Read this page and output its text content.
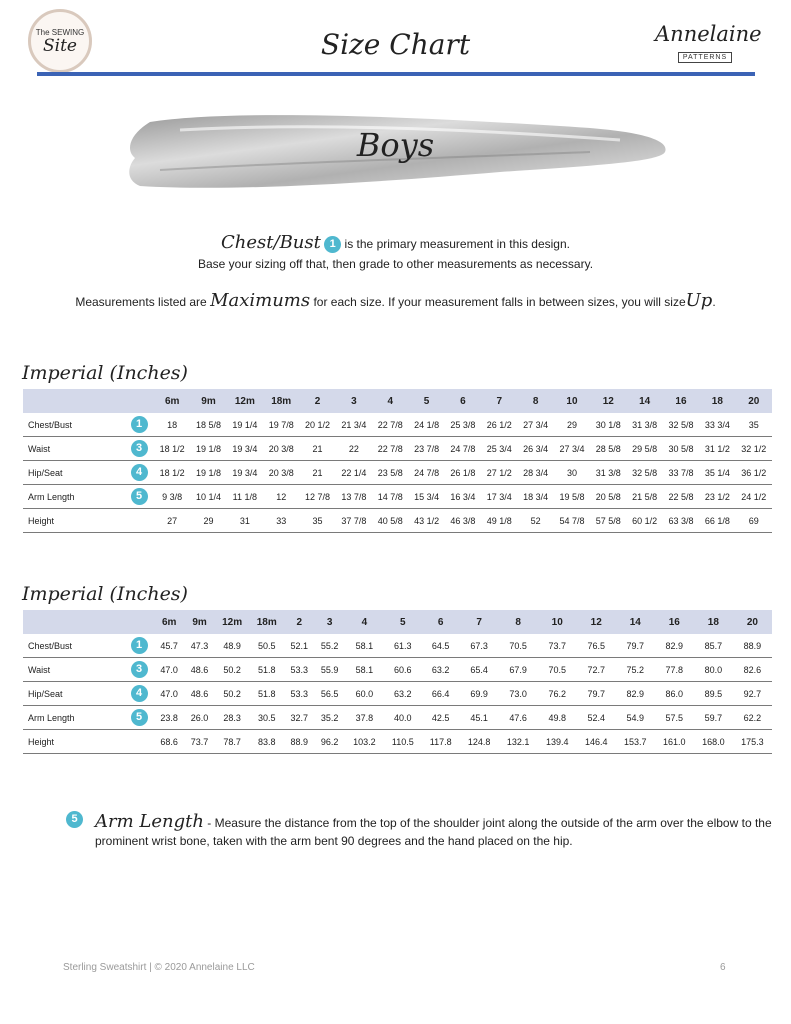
The SEWING
Site	Size Chart	Annelaine
PATTERNS
Boys
Chest/Bust 1 is the primary measurement in this design.
Base your sizing off that, then grade to other measurements as necessary.
Measurements listed are Maximums for each size. If your measurement falls in between sizes, you will sizeUp.
Imperial (Inches)
		6m	9m	12m	18m	2	3	4	5	6	7	8	10	12	14	16	18	20
Chest/Bust	1	18	18 5/8	19 1/4	19 7/8	20 1/2	21 3/4	22 7/8	24 1/8	25 3/8	26 1/2	27 3/4	29	30 1/8	31 3/8	32 5/8	33 3/4	35
Waist	3	18 1/2	19 1/8	19 3/4	20 3/8	21	22	22 7/8	23 7/8	24 7/8	25 3/4	26 3/4	27 3/4	28 5/8	29 5/8	30 5/8	31 1/2	32 1/2
Hip/Seat	4	18 1/2	19 1/8	19 3/4	20 3/8	21	22 1/4	23 5/8	24 7/8	26 1/8	27 1/2	28 3/4	30	31 3/8	32 5/8	33 7/8	35 1/4	36 1/2
Arm Length	5	9 3/8	10 1/4	11 1/8	12	12 7/8	13 7/8	14 7/8	15 3/4	16 3/4	17 3/4	18 3/4	19 5/8	20 5/8	21 5/8	22 5/8	23 1/2	24 1/2
Height		27	29	31	33	35	37 7/8	40 5/8	43 1/2	46 3/8	49 1/8	52	54 7/8	57 5/8	60 1/2	63 3/8	66 1/8	69
Imperial (Inches)
		6m	9m	12m	18m	2	3	4	5	6	7	8	10	12	14	16	18	20
Chest/Bust	1	45.7	47.3	48.9	50.5	52.1	55.2	58.1	61.3	64.5	67.3	70.5	73.7	76.5	79.7	82.9	85.7	88.9
Waist	3	47.0	48.6	50.2	51.8	53.3	55.9	58.1	60.6	63.2	65.4	67.9	70.5	72.7	75.2	77.8	80.0	82.6
Hip/Seat	4	47.0	48.6	50.2	51.8	53.3	56.5	60.0	63.2	66.4	69.9	73.0	76.2	79.7	82.9	86.0	89.5	92.7
Arm Length	5	23.8	26.0	28.3	30.5	32.7	35.2	37.8	40.0	42.5	45.1	47.6	49.8	52.4	54.9	57.5	59.7	62.2
Height		68.6	73.7	78.7	83.8	88.9	96.2	103.2	110.5	117.8	124.8	132.1	139.4	146.4	153.7	161.0	168.0	175.3
5 Arm Length - Measure the distance from the top of the shoulder joint along the outside of the arm over the elbow to the prominent wrist bone, taken with the arm bent 90 degrees and the hand placed on the hip.
Sterling Sweatshirt | © 2020 Annelaine LLC	6
